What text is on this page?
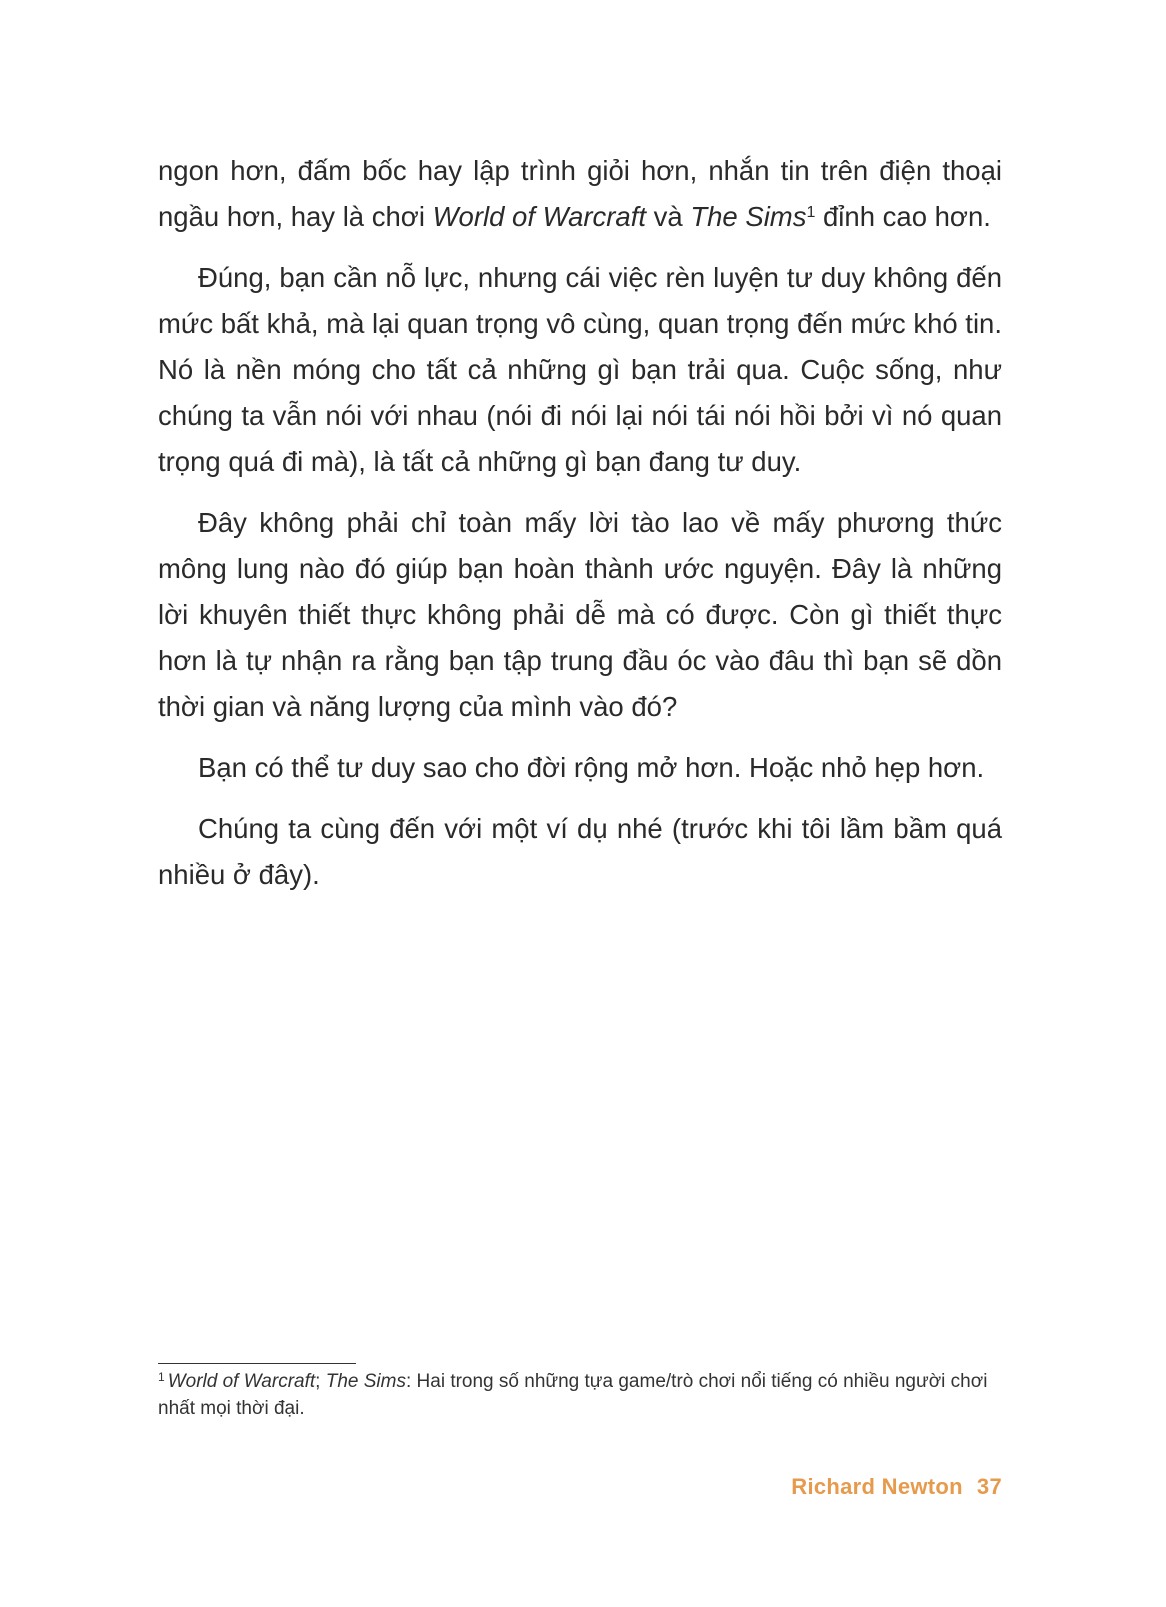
ngon hơn, đấm bốc hay lập trình giỏi hơn, nhắn tin trên điện thoại ngầu hơn, hay là chơi World of Warcraft và The Sims$^1$ đỉnh cao hơn.

Đúng, bạn cần nỗ lực, nhưng cái việc rèn luyện tư duy không đến mức bất khả, mà lại quan trọng vô cùng, quan trọng đến mức khó tin. Nó là nền móng cho tất cả những gì bạn trải qua. Cuộc sống, như chúng ta vẫn nói với nhau (nói đi nói lại nói tái nói hồi bởi vì nó quan trọng quá đi mà), là tất cả những gì bạn đang tư duy.

Đây không phải chỉ toàn mấy lời tào lao về mấy phương thức mông lung nào đó giúp bạn hoàn thành ước nguyện. Đây là những lời khuyên thiết thực không phải dễ mà có được. Còn gì thiết thực hơn là tự nhận ra rằng bạn tập trung đầu óc vào đâu thì bạn sẽ dồn thời gian và năng lượng của mình vào đó?

Bạn có thể tư duy sao cho đời rộng mở hơn. Hoặc nhỏ hẹp hơn.

Chúng ta cùng đến với một ví dụ nhé (trước khi tôi lầm bầm quá nhiều ở đây).

$^1$ World of Warcraft; The Sims: Hai trong số những tựa game/trò chơi nổi tiếng có nhiều người chơi nhất mọi thời đại.
Richard Newton 37
